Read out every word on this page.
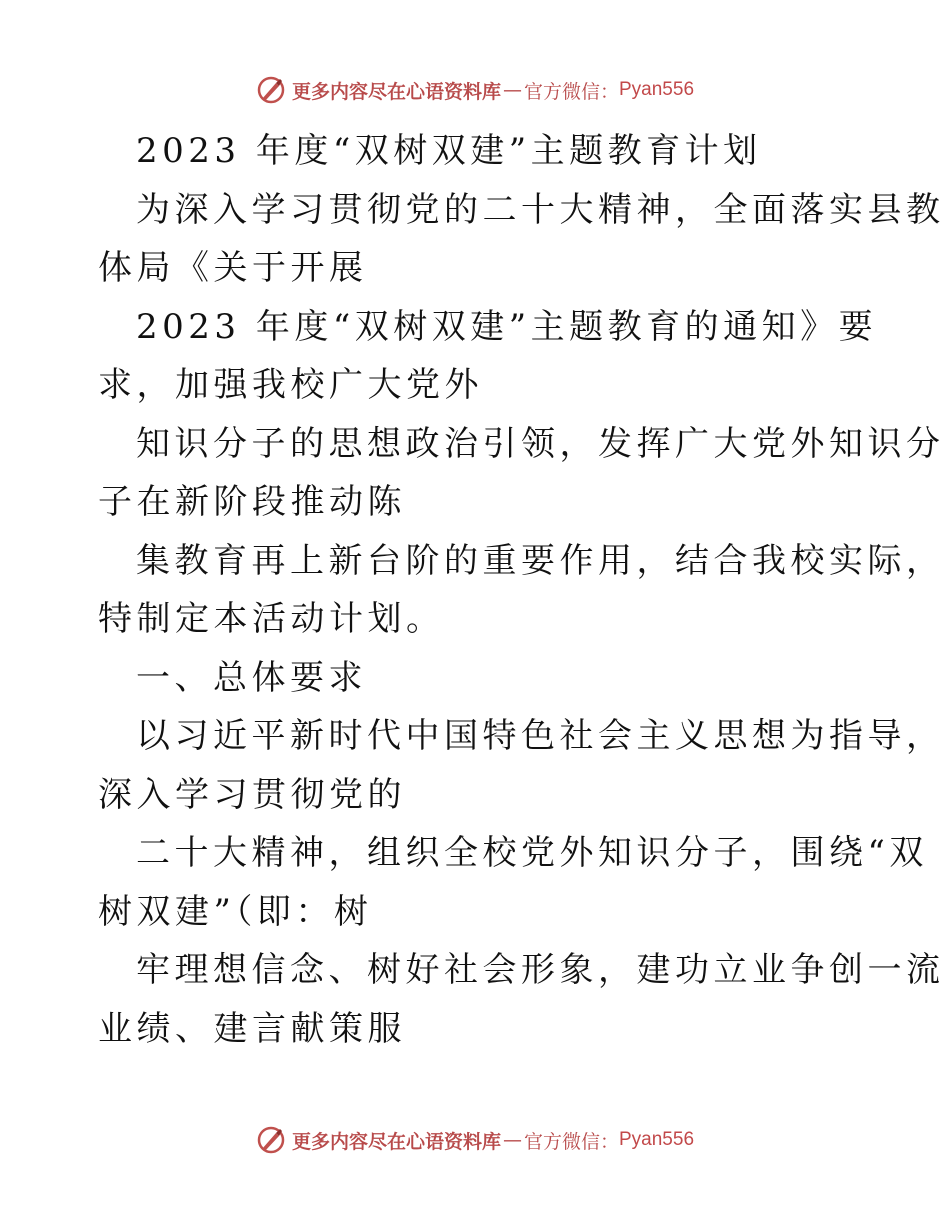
更多内容尽在心语资料库 — 官方微信： Pyan556
2023 年度“双树双建”主题教育计划
为深入学习贯彻党的二十大精神，全面落实县教
体局《关于开展
2023 年度“双树双建”主题教育的通知》要
求，加强我校广大党外
知识分子的思想政治引领，发挥广大党外知识分
子在新阶段推动陈
集教育再上新台阶的重要作用，结合我校实际，
特制定本活动计划。
一、总体要求
以习近平新时代中国特色社会主义思想为指导，
深入学习贯彻党的
二十大精神，组织全校党外知识分子，围绕“双
树双建”（即：树
牢理想信念、树好社会形象，建功立业争创一流
业绩、建言献策服
更多内容尽在心语资料库 — 官方微信： Pyan556
